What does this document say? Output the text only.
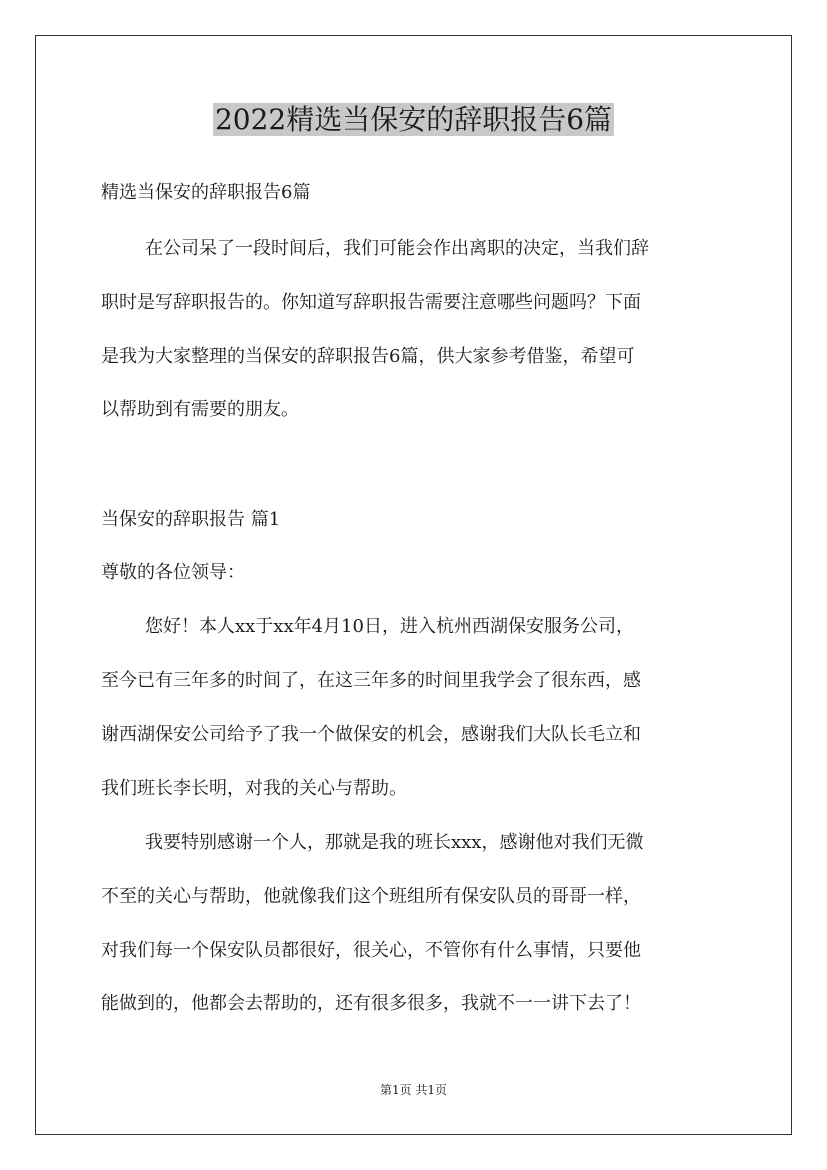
2022精选当保安的辞职报告6篇
精选当保安的辞职报告6篇
在公司呆了一段时间后，我们可能会作出离职的决定，当我们辞
职时是写辞职报告的。你知道写辞职报告需要注意哪些问题吗？下面
是我为大家整理的当保安的辞职报告6篇，供大家参考借鉴，希望可
以帮助到有需要的朋友。
当保安的辞职报告 篇1
尊敬的各位领导：
您好！本人xx于xx年4月10日，进入杭州西湖保安服务公司，
至今已有三年多的时间了，在这三年多的时间里我学会了很东西，感
谢西湖保安公司给予了我一个做保安的机会，感谢我们大队长毛立和
我们班长李长明，对我的关心与帮助。
我要特别感谢一个人，那就是我的班长xxx，感谢他对我们无微
不至的关心与帮助，他就像我们这个班组所有保安队员的哥哥一样，
对我们每一个保安队员都很好，很关心，不管你有什么事情，只要他
能做到的，他都会去帮助的，还有很多很多，我就不一一讲下去了！
第1页 共1页
